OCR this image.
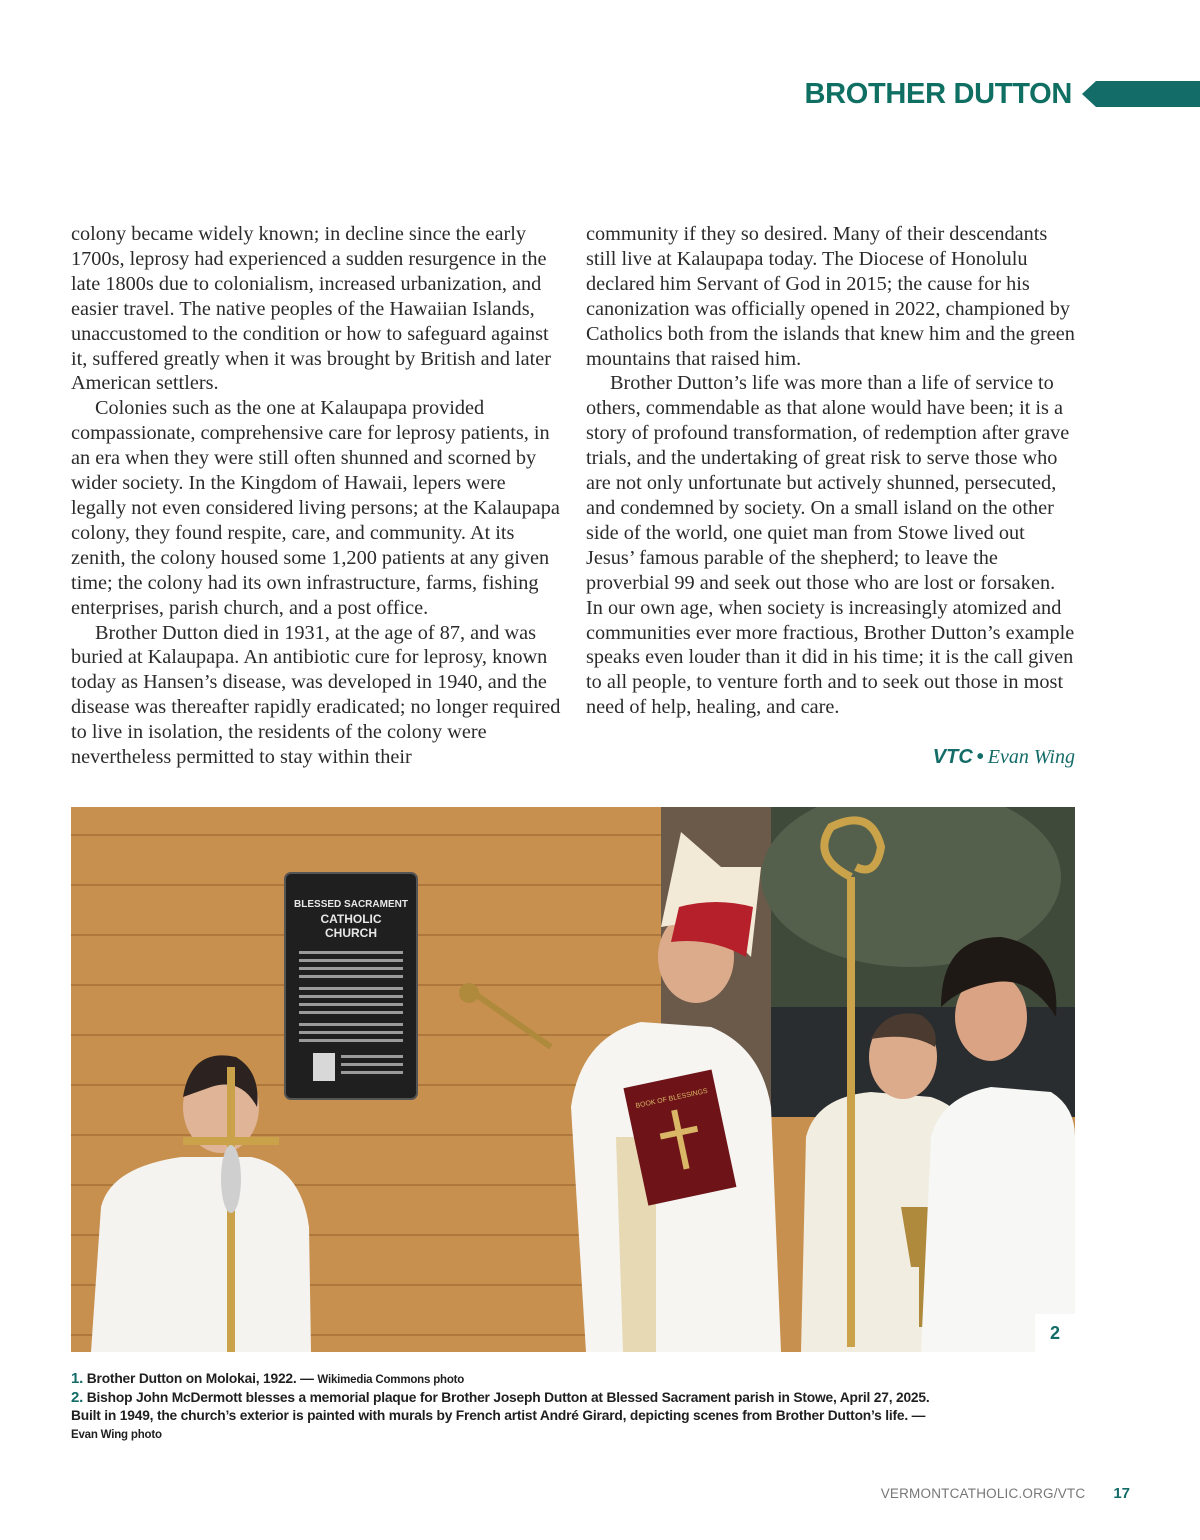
BROTHER DUTTON

colony became widely known; in decline since the early 1700s, leprosy had experienced a sudden resurgence in the late 1800s due to colonialism, increased urbanization, and easier travel. The native peoples of the Hawaiian Islands, unaccustomed to the condition or how to safeguard against it, suffered greatly when it was brought by British and later American settlers.

Colonies such as the one at Kalaupapa provided compassionate, comprehensive care for leprosy patients, in an era when they were still often shunned and scorned by wider society. In the Kingdom of Hawaii, lepers were legally not even considered living persons; at the Kalaupapa colony, they found respite, care, and community. At its zenith, the colony housed some 1,200 patients at any given time; the colony had its own infrastructure, farms, fishing enterprises, parish church, and a post office.

Brother Dutton died in 1931, at the age of 87, and was buried at Kalaupapa. An antibiotic cure for leprosy, known today as Hansen’s disease, was developed in 1940, and the disease was thereafter rapidly eradicated; no longer required to live in isolation, the residents of the colony were nevertheless permitted to stay within their

community if they so desired. Many of their descendants still live at Kalaupapa today. The Diocese of Honolulu declared him Servant of God in 2015; the cause for his canonization was officially opened in 2022, championed by Catholics both from the islands that knew him and the green mountains that raised him.

Brother Dutton’s life was more than a life of service to others, commendable as that alone would have been; it is a story of profound transformation, of redemption after grave trials, and the undertaking of great risk to serve those who are not only unfortunate but actively shunned, persecuted, and condemned by society. On a small island on the other side of the world, one quiet man from Stowe lived out Jesus’ famous parable of the shepherd; to leave the proverbial 99 and seek out those who are lost or forsaken. In our own age, when society is increasingly atomized and communities ever more fractious, Brother Dutton’s example speaks even louder than it did in his time; it is the call given to all people, to venture forth and to seek out those in most need of help, healing, and care.

VTC • Evan Wing
BLESSED SACRAMENT
CATHOLIC
CHURCH
BOOK OF BLESSINGS
2

1. Brother Dutton on Molokai, 1922. — Wikimedia Commons photo

2. Bishop John McDermott blesses a memorial plaque for Brother Joseph Dutton at Blessed Sacrament parish in Stowe, April 27, 2025. Built in 1949, the church’s exterior is painted with murals by French artist André Girard, depicting scenes from Brother Dutton’s life. — Evan Wing photo

VERMONTCATHOLIC.ORG/VTC 17
